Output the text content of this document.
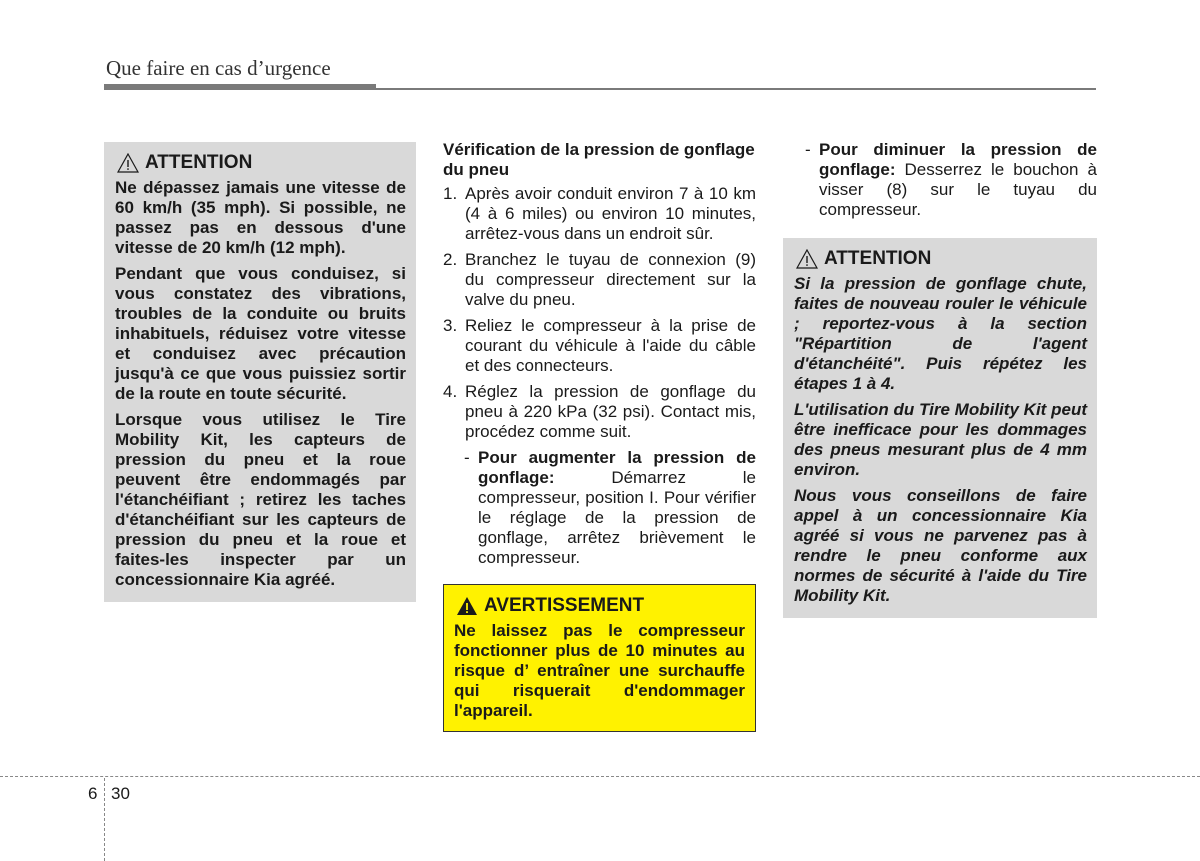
Que faire en cas d’urgence
ATTENTION

Ne dépassez jamais une vitesse de 60 km/h (35 mph). Si possible, ne passez pas en dessous d'une vitesse de 20 km/h (12 mph).

Pendant que vous conduisez, si vous constatez des vibrations, troubles de la conduite ou bruits inhabituels, réduisez votre vitesse et conduisez avec précaution jusqu'à ce que vous puissiez sortir de la route en toute sécurité.

Lorsque vous utilisez le Tire Mobility Kit, les capteurs de pression du pneu et la roue peuvent être endommagés par l'étanchéifiant ; retirez les taches d'étanchéifiant sur les capteurs de pression du pneu et la roue et faites-les inspecter par un concessionnaire Kia agréé.

Vérification de la pression de gonflage du pneu
1. Après avoir conduit environ 7 à 10 km (4 à 6 miles) ou environ 10 minutes, arrêtez-vous dans un endroit sûr.
2. Branchez le tuyau de connexion (9) du compresseur directement sur la valve du pneu.
3. Reliez le compresseur à la prise de courant du véhicule à l'aide du câble et des connecteurs.
4. Réglez la pression de gonflage du pneu à 220 kPa (32 psi). Contact mis, procédez comme suit.
- Pour augmenter la pression de gonflage: Démarrez le compresseur, position I. Pour vérifier le réglage de la pression de gonflage, arrêtez brièvement le compresseur.
AVERTISSEMENT

Ne laissez pas le compresseur fonctionner plus de 10 minutes au risque d’ entraîner une surchauffe qui risquerait d'endommager l'appareil.

- Pour diminuer la pression de gonflage: Desserrez le bouchon à visser (8) sur le tuyau du compresseur.
ATTENTION

Si la pression de gonflage chute, faites de nouveau rouler le véhicule ; reportez-vous à la section "Répartition de l'agent d'étanchéité". Puis répétez les étapes 1 à 4.

L'utilisation du Tire Mobility Kit peut être inefficace pour les dommages des pneus mesurant plus de 4 mm environ.

Nous vous conseillons de faire appel à un concessionnaire Kia agréé si vous ne parvenez pas à rendre le pneu conforme aux normes de sécurité à l'aide du Tire Mobility Kit.

6 30
